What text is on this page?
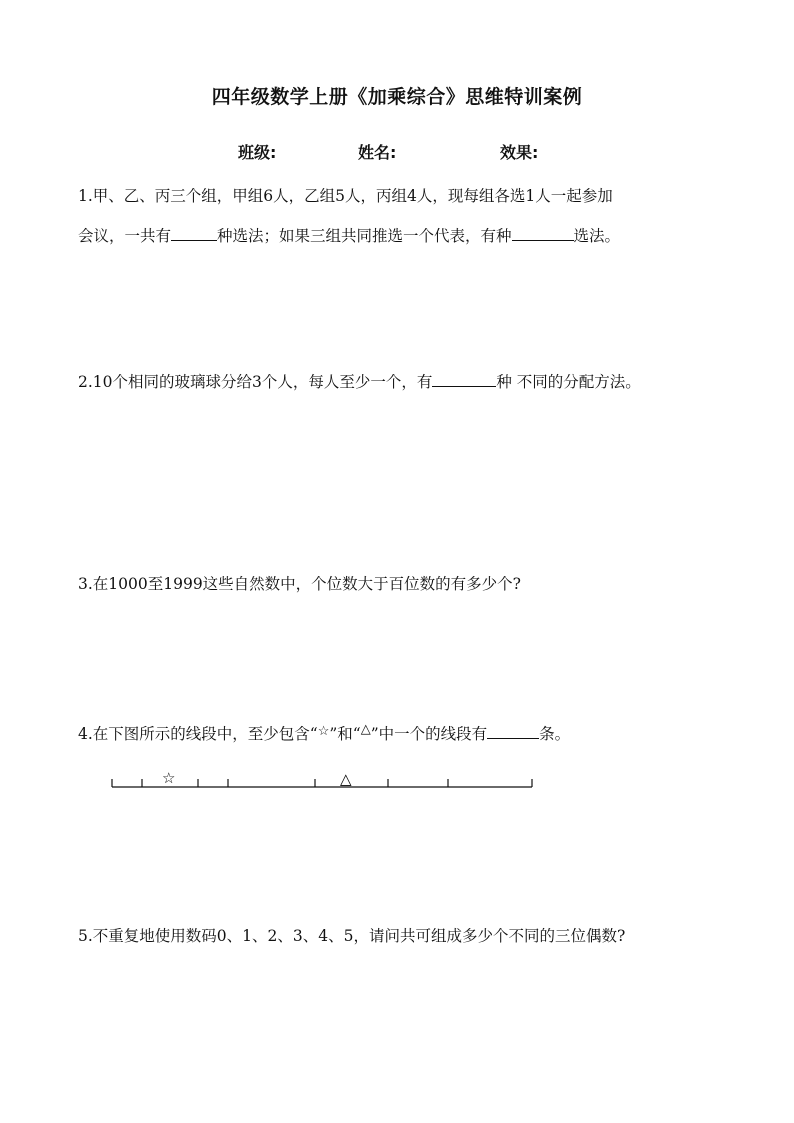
四年级数学上册《加乘综合》思维特训案例
班级:	姓名:	效果:
1.甲、乙、丙三个组，甲组6人，乙组5人，丙组4人，现每组各选1人一起参加
会议，一共有	种选法；如果三组共同推选一个代表，有种	选法。
2.10个相同的玻璃球分给3个人，每人至少一个，有	种 不同的分配方法。
3.在1000至1999这些自然数中，个位数大于百位数的有多少个?
4.在下图所示的线段中，至少包含“☆”和“△”中一个的线段有	条。
☆	△
5.不重复地使用数码0、1、2、3、4、5，请问共可组成多少个不同的三位偶数?
